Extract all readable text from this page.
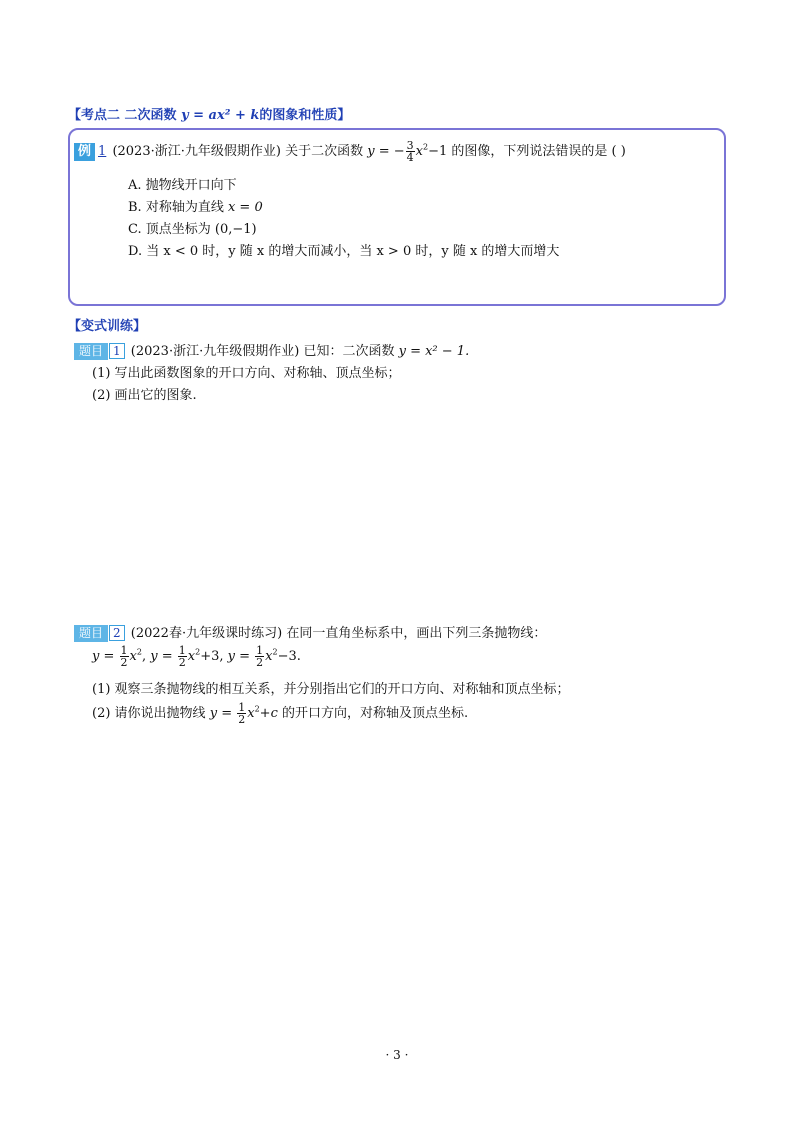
【考点二 二次函数 y = ax² + k的图象和性质】
例 1 (2023·浙江·九年级假期作业) 关于二次函数 y = − $\frac{3}{4} x^2-1$ 的图像，下列说法错误的是 ( )
A. 抛物线开口向下
B. 对称轴为直线 x = 0
C. 顶点坐标为 (0,−1)
D. 当 x < 0 时，y 随 x 的增大而减小，当 x > 0 时，y 随 x 的增大而增大
【变式训练】
题目 1 (2023·浙江·九年级假期作业) 已知：二次函数 y = x² − 1.
(1) 写出此函数图象的开口方向、对称轴、顶点坐标；
(2) 画出它的图象.
题目 2 (2022春·九年级课时练习) 在同一直角坐标系中，画出下列三条抛物线：
$y = \frac{1}{2} x^2$, $y = \frac{1}{2} x^2+3$, $y = \frac{1}{2} x^2-3$.
(1) 观察三条抛物线的相互关系，并分别指出它们的开口方向、对称轴和顶点坐标；
(2) 请你说出抛物线 $y = \frac{1}{2} x^2+c$ 的开口方向，对称轴及顶点坐标.
· 3 ·
